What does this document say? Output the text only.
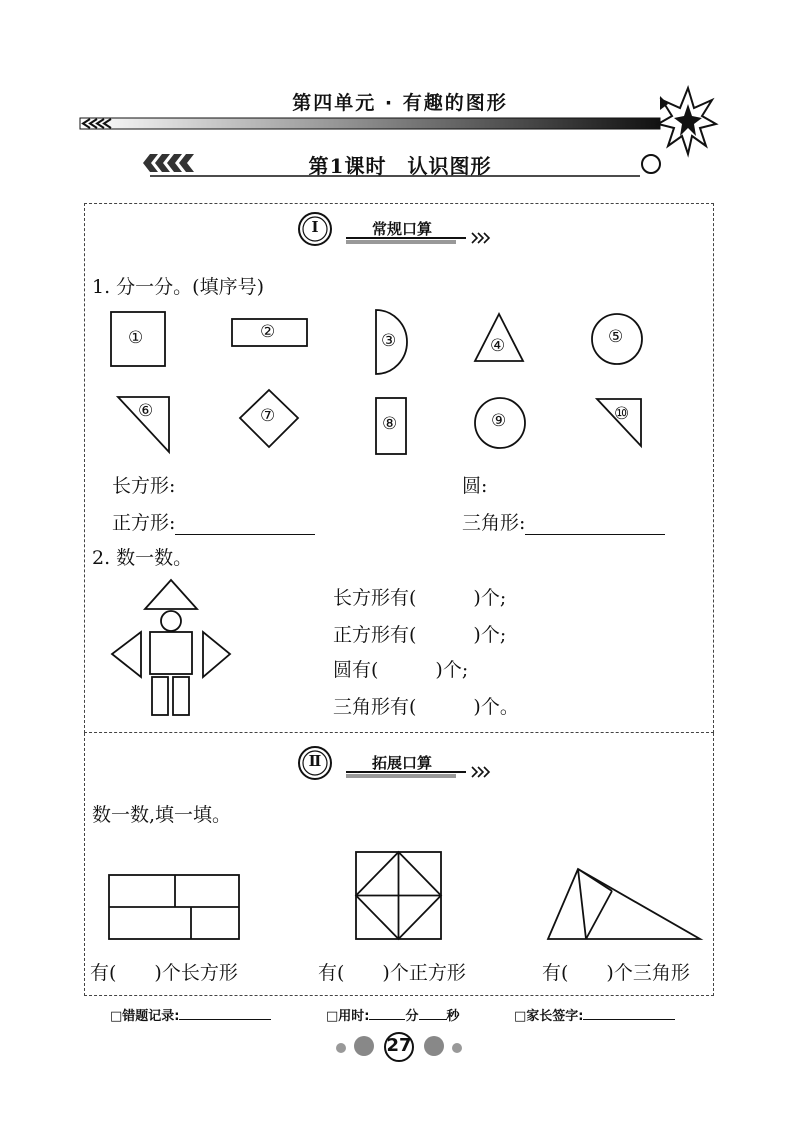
第四单元 · 有趣的图形
第1课时　认识图形
Ⅰ	常规口算
1. 分一分。(填序号)
①	②	③	④	⑤
⑥	⑦	⑧	⑨	⑩
长方形:	圆:
正方形:	三角形:
2. 数一数。
长方形有(　　　)个;
正方形有(　　　)个;
圆有(　　　)个;
三角形有(　　　)个。
Ⅱ	拓展口算
数一数,填一填。
有(　　)个长方形	有(　　)个正方形	有(　　)个三角形
□错题记录:	□用时:	分 秒	□家长签字:
27
